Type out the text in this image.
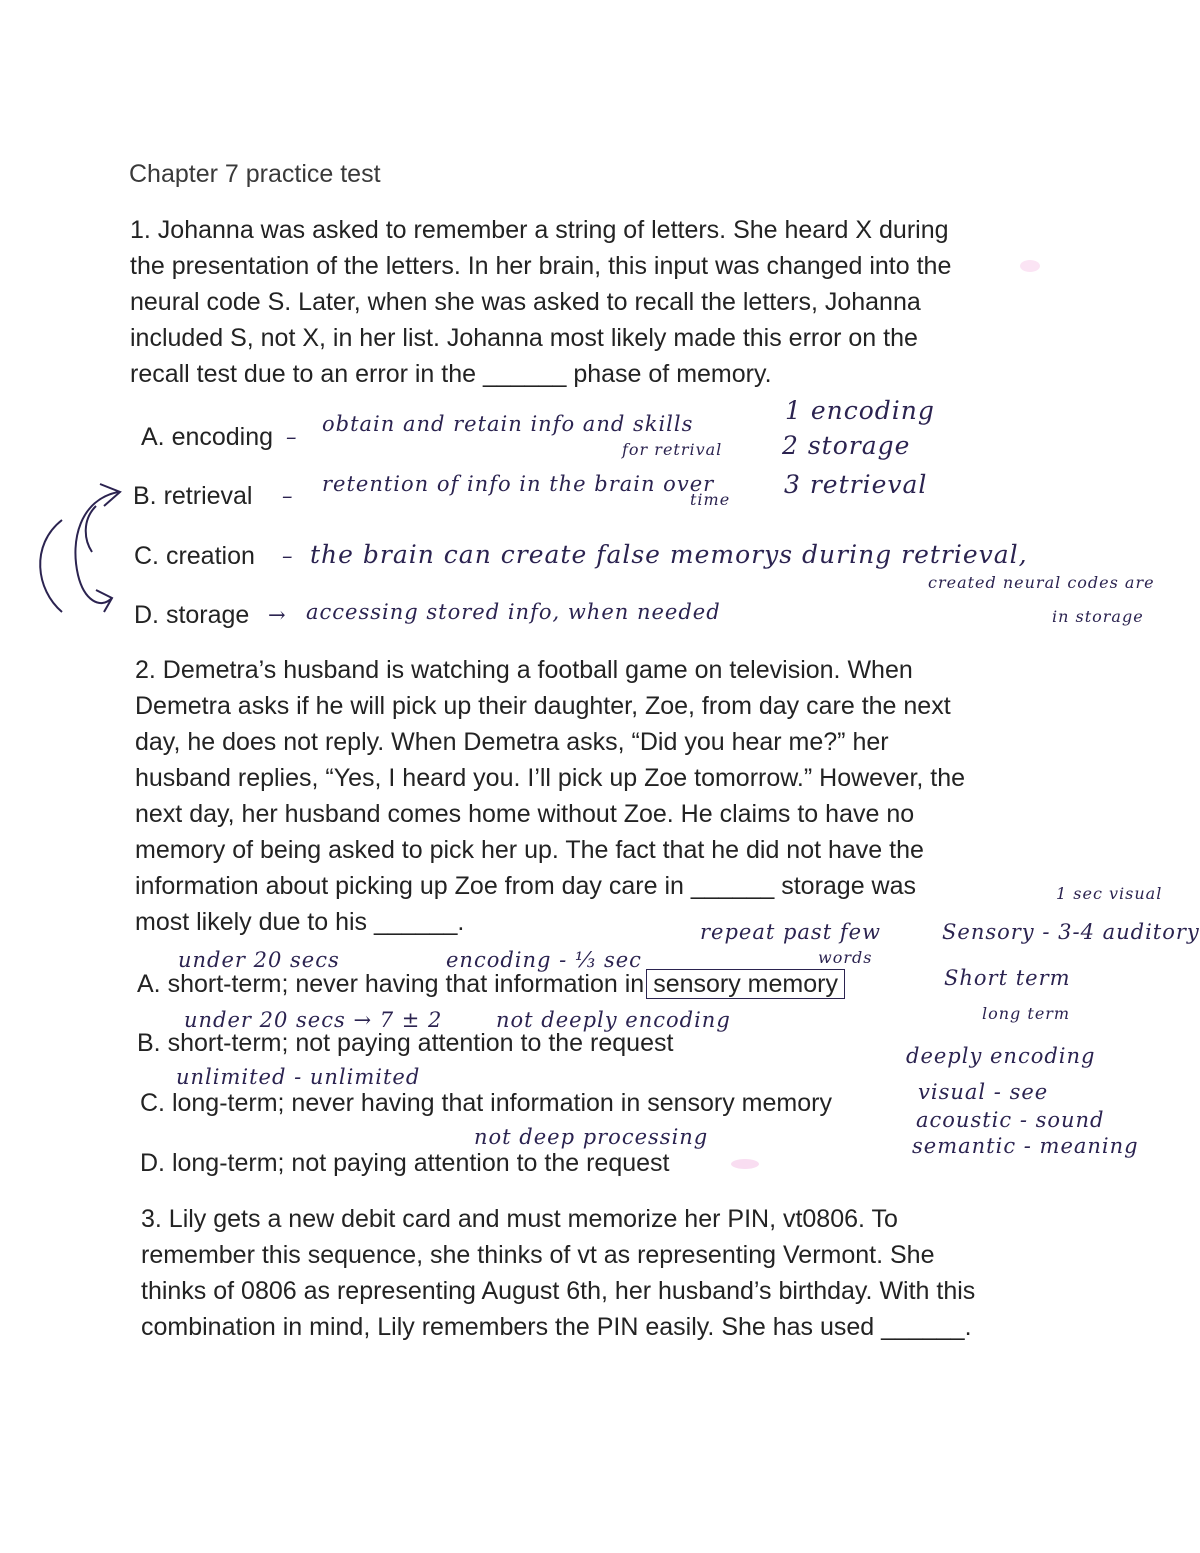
Chapter 7 practice test
1. Johanna was asked to remember a string of letters. She heard X during
the presentation of the letters. In her brain, this input was changed into the
neural code S. Later, when she was asked to recall the letters, Johanna
included S, not X, in her list. Johanna most likely made this error on the
recall test due to an error in the ______ phase of memory.
A. encoding
B. retrieval
C. creation
D. storage
–
obtain and retain info and skills
for retrival
1 encoding
2 storage
3 retrieval
– retention of info in the brain over
time
– the brain can create false memorys during retrieval,
created neural codes are
in storage
→ accessing stored info, when needed
2. Demetra’s husband is watching a football game on television. When
Demetra asks if he will pick up their daughter, Zoe, from day care the next
day, he does not reply. When Demetra asks, “Did you hear me?” her
husband replies, “Yes, I heard you. I’ll pick up Zoe tomorrow.” However, the
next day, her husband comes home without Zoe. He claims to have no
memory of being asked to pick her up. The fact that he did not have the
information about picking up Zoe from day care in ______ storage was
most likely due to his ______.
A. short-term; never having that information in sensory memory
B. short-term; not paying attention to the request
C. long-term; never having that information in sensory memory
D. long-term; not paying attention to the request
repeat past few
words
under 20 secs	encoding - ⅓ sec
under 20 secs → 7 ± 2	not deeply encoding
unlimited - unlimited
not deep processing
1 sec visual
Sensory - 3-4 auditory
Short term
long term
deeply encoding
visual - see
acoustic - sound
semantic - meaning
3. Lily gets a new debit card and must memorize her PIN, vt0806. To
remember this sequence, she thinks of vt as representing Vermont. She
thinks of 0806 as representing August 6th, her husband’s birthday. With this
combination in mind, Lily remembers the PIN easily. She has used ______.
